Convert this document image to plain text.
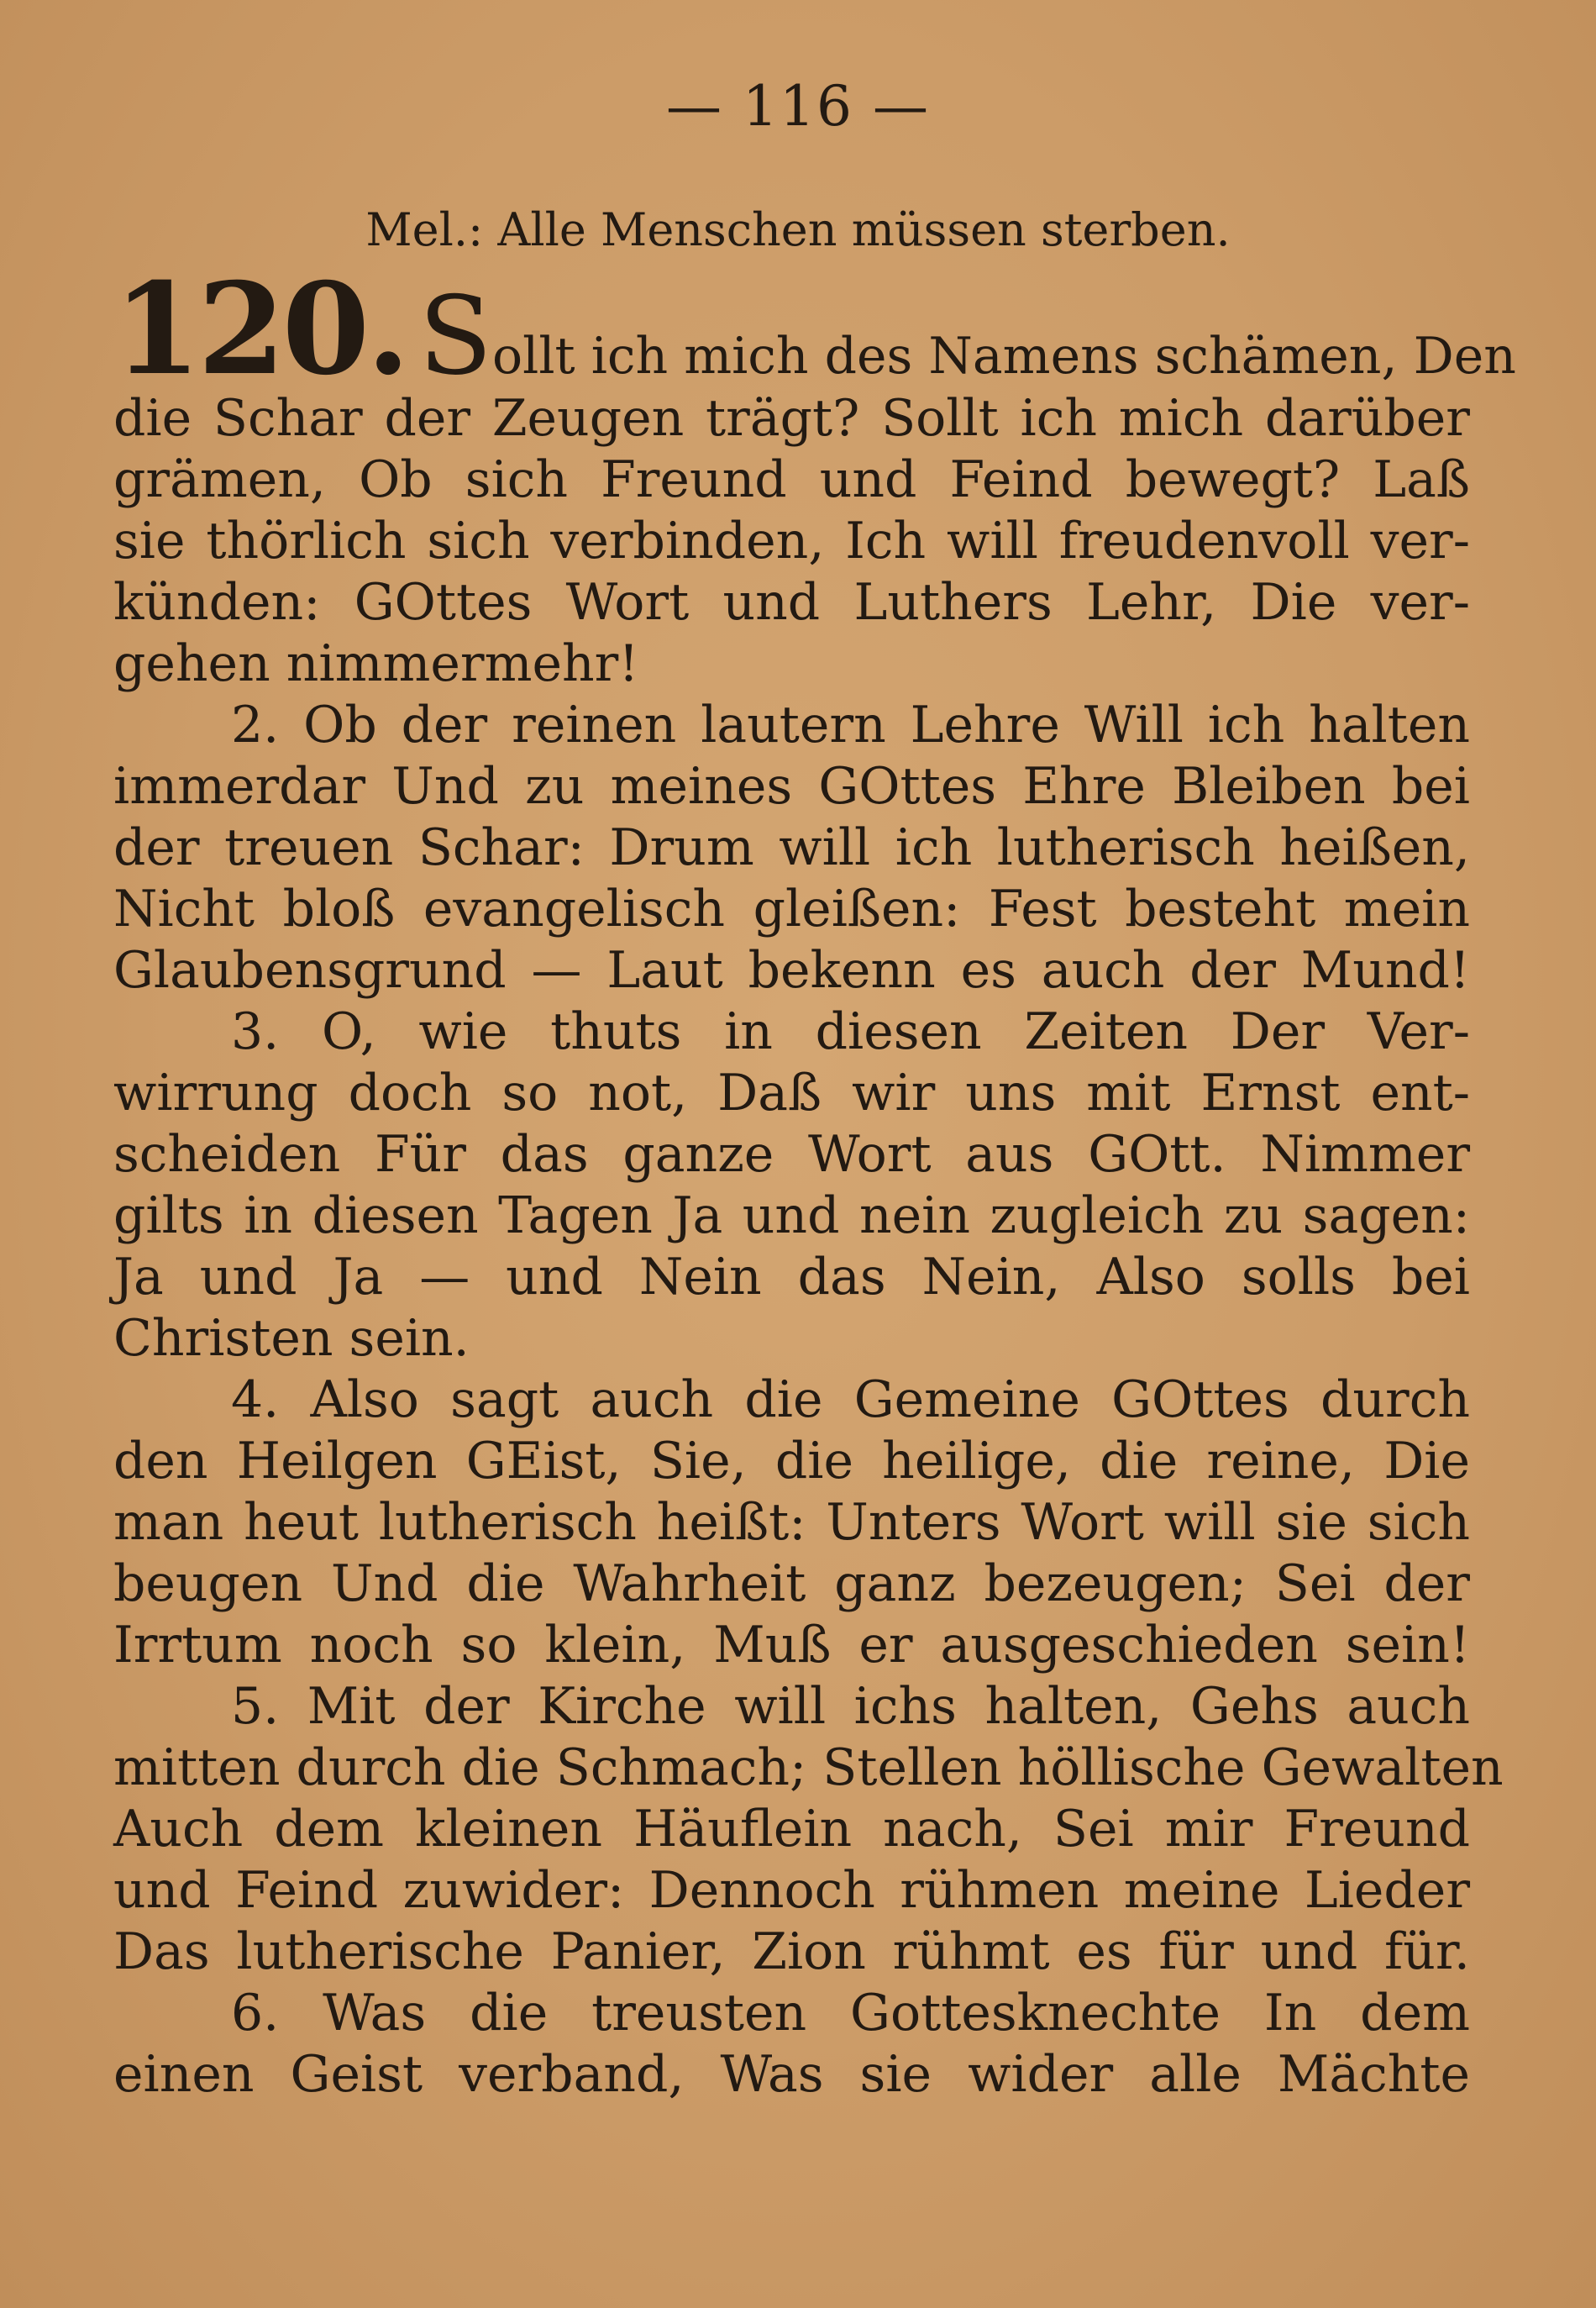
— 116 —
Mel.: Alle Menschen müssen sterben.
120. Sollt ich mich des Namens schämen, Den
die Schar der Zeugen trägt? Sollt ich mich darüber
grämen, Ob sich Freund und Feind bewegt? Laß
sie thörlich sich verbinden, Ich will freudenvoll ver-
künden: GOttes Wort und Luthers Lehr, Die ver-
gehen nimmermehr!
2. Ob der reinen lautern Lehre Will ich halten
immerdar Und zu meines GOttes Ehre Bleiben bei
der treuen Schar: Drum will ich lutherisch heißen,
Nicht bloß evangelisch gleißen: Fest besteht mein
Glaubensgrund — Laut bekenn es auch der Mund!
3. O, wie thuts in diesen Zeiten Der Ver-
wirrung doch so not, Daß wir uns mit Ernst ent-
scheiden Für das ganze Wort aus GOtt. Nimmer
gilts in diesen Tagen Ja und nein zugleich zu sagen:
Ja und Ja — und Nein das Nein, Also solls bei
Christen sein.
4. Also sagt auch die Gemeine GOttes durch
den Heilgen GEist, Sie, die heilige, die reine, Die
man heut lutherisch heißt: Unters Wort will sie sich
beugen Und die Wahrheit ganz bezeugen; Sei der
Irrtum noch so klein, Muß er ausgeschieden sein!
5. Mit der Kirche will ichs halten, Gehs auch
mitten durch die Schmach; Stellen höllische Gewalten
Auch dem kleinen Häuflein nach, Sei mir Freund
und Feind zuwider: Dennoch rühmen meine Lieder
Das lutherische Panier, Zion rühmt es für und für.
6. Was die treusten Gottesknechte In dem
einen Geist verband, Was sie wider alle Mächte
